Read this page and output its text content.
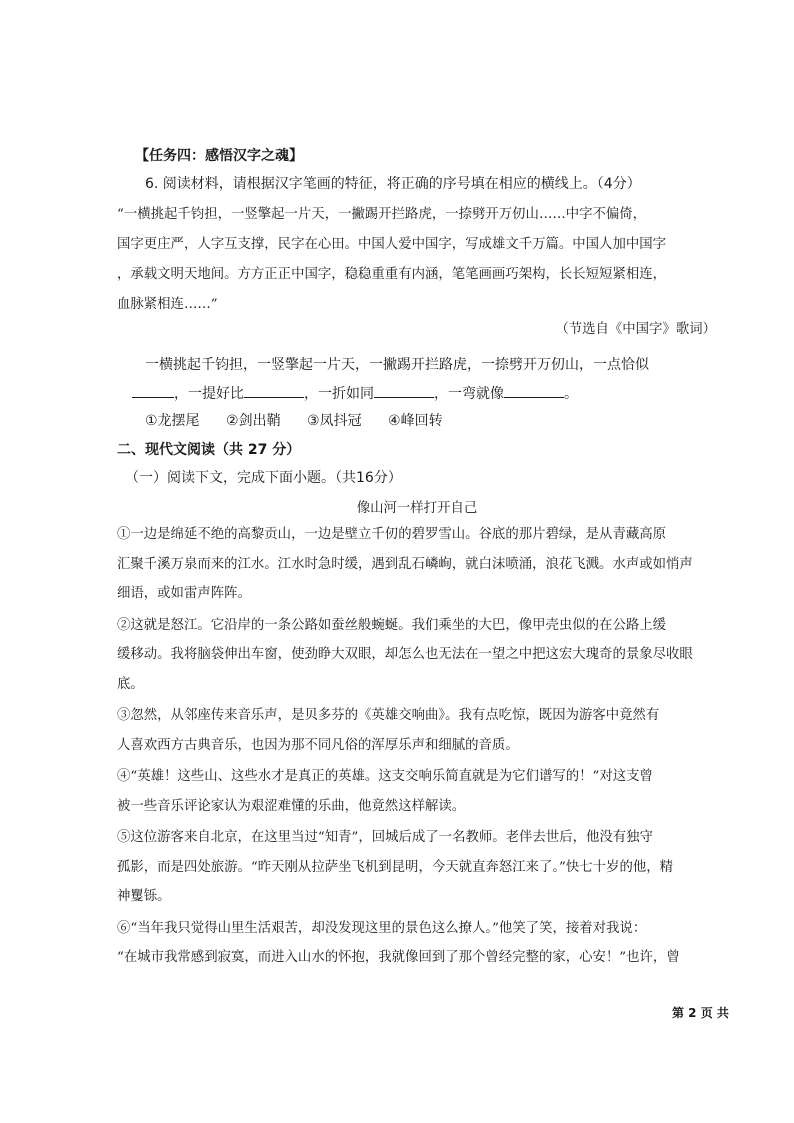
【任务四：感悟汉字之魂】
6. 阅读材料，请根据汉字笔画的特征，将正确的序号填在相应的横线上。（4分）
“一横挑起千钧担，一竖擎起一片天，一撇踢开拦路虎，一捺劈开万仞山……中字不偏倚，
国字更庄严，人字互支撑，民字在心田。中国人爱中国字，写成雄文千万篇。中国人加中国字
，承载文明天地间。方方正正中国字，稳稳重重有内涵，笔笔画画巧架构，长长短短紧相连，
血脉紧相连……”
（节选自《中国字》歌词）
一横挑起千钧担，一竖擎起一片天，一撇踢开拦路虎，一捺劈开万仞山，一点恰似
，一提好比	，一折如同	，一弯就像	。
①龙摆尾 ②剑出鞘 ③凤抖冠 ④峰回转
二、现代文阅读（共 27 分）
（一）阅读下文，完成下面小题。（共16分）
像山河一样打开自己
①一边是绵延不绝的高黎贡山，一边是壁立千仞的碧罗雪山。谷底的那片碧绿，是从青藏高原
汇聚千溪万泉而来的江水。江水时急时缓，遇到乱石嶙峋，就白沫喷涌，浪花飞溅。水声或如悄声
细语，或如雷声阵阵。
②这就是怒江。它沿岸的一条公路如蚕丝般蜿蜒。我们乘坐的大巴，像甲壳虫似的在公路上缓
缓移动。我将脑袋伸出车窗，使劲睁大双眼，却怎么也无法在一望之中把这宏大瑰奇的景象尽收眼
底。
③忽然，从邻座传来音乐声，是贝多芬的《英雄交响曲》。我有点吃惊，既因为游客中竟然有
人喜欢西方古典音乐，也因为那不同凡俗的浑厚乐声和细腻的音质。
④“英雄！这些山、这些水才是真正的英雄。这支交响乐简直就是为它们谱写的！”对这支曾
被一些音乐评论家认为艰涩难懂的乐曲，他竟然这样解读。
⑤这位游客来自北京，在这里当过“知青”，回城后成了一名教师。老伴去世后，他没有独守
孤影，而是四处旅游。“昨天刚从拉萨坐飞机到昆明，今天就直奔怒江来了。”快七十岁的他，精
神矍铄。
⑥“当年我只觉得山里生活艰苦，却没发现这里的景色这么撩人。”他笑了笑，接着对我说：
“在城市我常感到寂寞，而进入山水的怀抱，我就像回到了那个曾经完整的家，心安！”也许，曾
第 2 页 共
